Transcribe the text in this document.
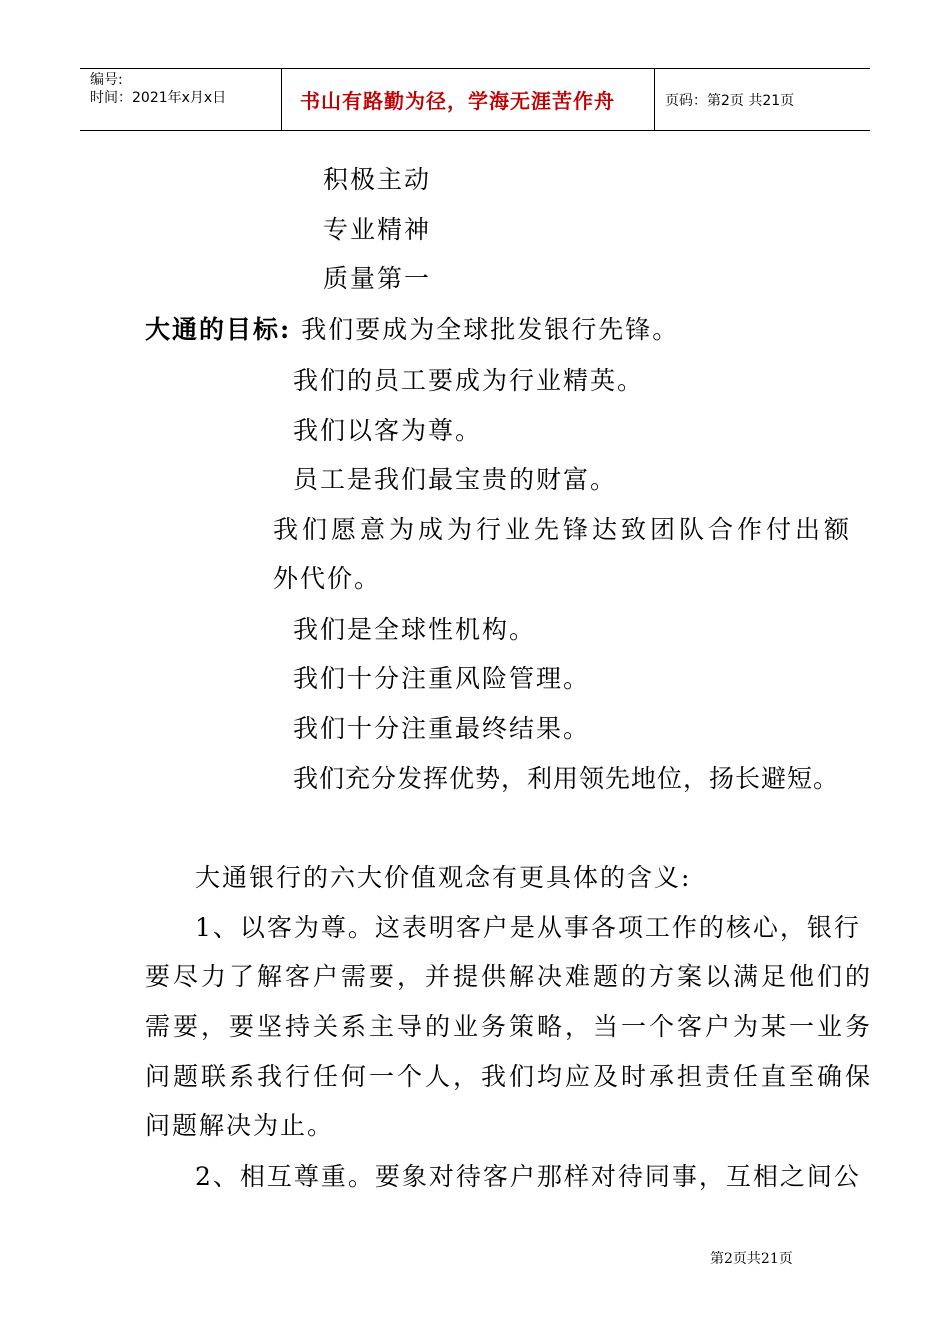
编号:
时间：2021年x月x日	书山有路勤为径，学海无涯苦作舟	页码：第2页 共21页
积极主动
专业精神
质量第一
大通的目标: 我们要成为全球批发银行先锋。
我们的员工要成为行业精英。
我们以客为尊。
员工是我们最宝贵的财富。
我们愿意为成为行业先锋达致团队合作付出额
外代价。
我们是全球性机构。
我们十分注重风险管理。
我们十分注重最终结果。
我们充分发挥优势，利用领先地位，扬长避短。
大通银行的六大价值观念有更具体的含义:
1、以客为尊。这表明客户是从事各项工作的核心，银行
要尽力了解客户需要，并提供解决难题的方案以满足他们的
需要，要坚持关系主导的业务策略，当一个客户为某一业务
问题联系我行任何一个人，我们均应及时承担责任直至确保
问题解决为止。
2、相互尊重。要象对待客户那样对待同事，互相之间公
第2页共21页
